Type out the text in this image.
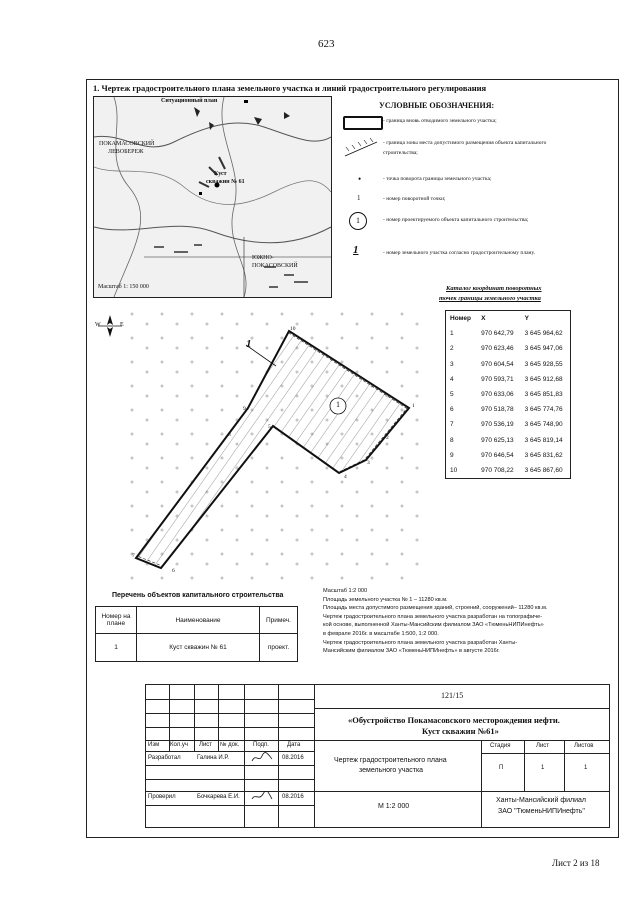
623
1. Чертеж градостроительного плана земельного участка и линий градостроительного регулирования
Ситуационный план
ПОКАМАСОВСКИЙ
ЛЕВОБЕРЕЖ
Куст
скважин № 61
ЮЖНО-
ПОКАСОВСКИЙ
Масштаб 1: 150 000
УСЛОВНЫЕ ОБОЗНАЧЕНИЯ:
- граница вновь отводимого земельного участка;
- граница зоны места допустимого размещения объекта капитального строительства;
•	- точка поворота границы земельного участка;
1	- номер поворотной точки;
1	- номер проектируемого объекта капитального строительства;
1	- номер земельного участка согласно градостроительному плану.
Каталог координат поворотных
точек границы земельного участка
Номер	X	Y
1	970 642,79	3 645 964,62
2	970 623,46	3 645 947,06
3	970 604,54	3 645 928,55
4	970 593,71	3 645 912,68
5	970 633,06	3 645 851,83
6	970 518,78	3 645 774,76
7	970 536,19	3 645 748,90
8	970 625,13	3 645 819,14
9	970 646,54	3 645 831,62
10	970 708,22	3 645 867,60
W	E
1
1
10
1
2
3
4
5
6
7
8
9
Перечень объектов капитального строительства
Номер на плане	Наименование	Примеч.
1	Куст скважин № 61	проект.
Масштаб 1:2 000
Площадь земельного участка № 1 – 11280 кв.м.
Площадь места допустимого размещения зданий, строений, сооружений– 11280 кв.м.
Чертеж градостроительного плана земельного участка разработан на топографиче-
кой основе, выполненной Ханты-Мансийским филиалом ЗАО «ТюменьНИПИнефть»
в феврале 2016г. в масштабе 1:500, 1:2 000.
Чертеж градостроительного плана земельного участка разработан Ханты-
Мансийским филиалом ЗАО «ТюменьНИПИнефть» в августе 2016г.
121/15
«Обустройство Покамасовского месторождения нефти.
Куст скважин №61»
Изм Кол.уч Лист № док. Подп.	Дата
Разработал	Галина И.Р.	08.2016
Проверил	Бочкарева Е.И.	08.2016
Чертеж градостроительного плана
земельного участка
Стадия	Лист	Листов
П	1	1
М 1:2 000
Ханты-Мансийский филиал
ЗАО "ТюменьНИПИнефть"
Лист 2 из 18
